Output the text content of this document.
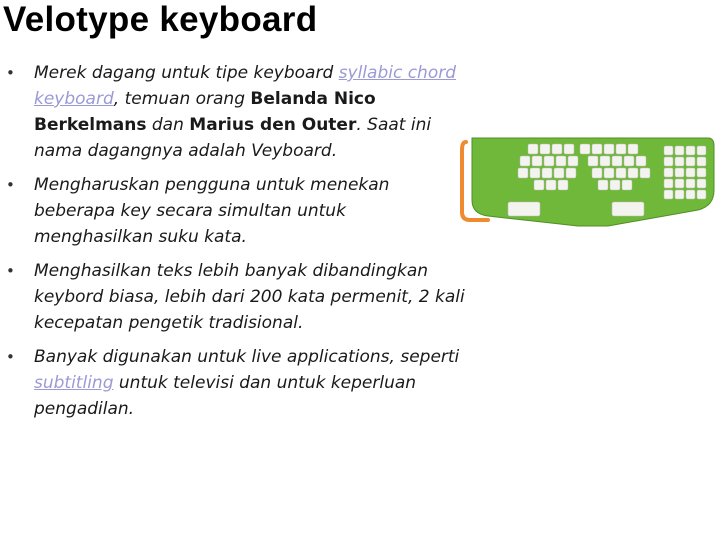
Velotype keyboard
• Merek dagang untuk tipe keyboard syllabic chord keyboard, temuan orang Belanda Nico Berkelmans dan Marius den Outer. Saat ini nama dagangnya adalah Veyboard.
• Mengharuskan pengguna untuk menekan beberapa key secara simultan untuk menghasilkan suku kata.
• Menghasilkan teks lebih banyak dibandingkan keybord biasa, lebih dari 200 kata permenit, 2 kali kecepatan pengetik tradisional.
• Banyak digunakan untuk live applications, seperti subtitling untuk televisi dan untuk keperluan pengadilan.
